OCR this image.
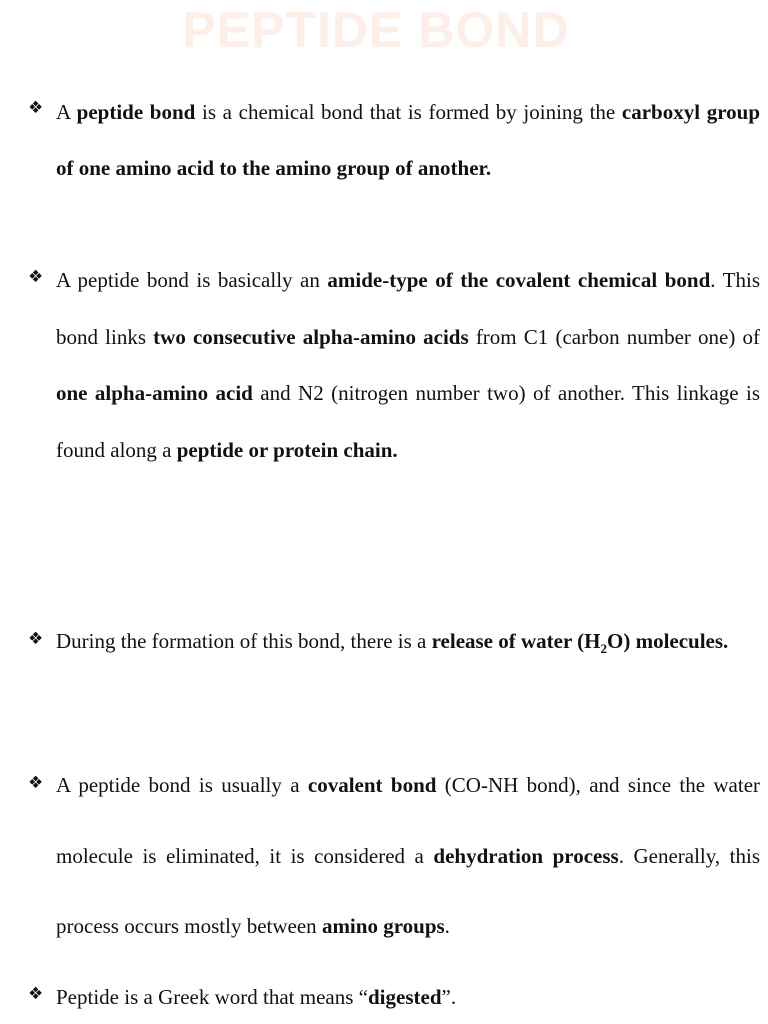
PEPTIDE BOND
❖ A peptide bond is a chemical bond that is formed by joining the carboxyl group of one amino acid to the amino group of another.
❖ A peptide bond is basically an amide-type of the covalent chemical bond. This bond links two consecutive alpha-amino acids from C1 (carbon number one) of one alpha-amino acid and N2 (nitrogen number two) of another. This linkage is found along a peptide or protein chain.
❖ During the formation of this bond, there is a release of water $(H_2O)$ molecules.
❖ A peptide bond is usually a covalent bond (CO-NH bond), and since the water molecule is eliminated, it is considered a dehydration process. Generally, this process occurs mostly between amino groups.
❖ Peptide is a Greek word that means “digested”.
